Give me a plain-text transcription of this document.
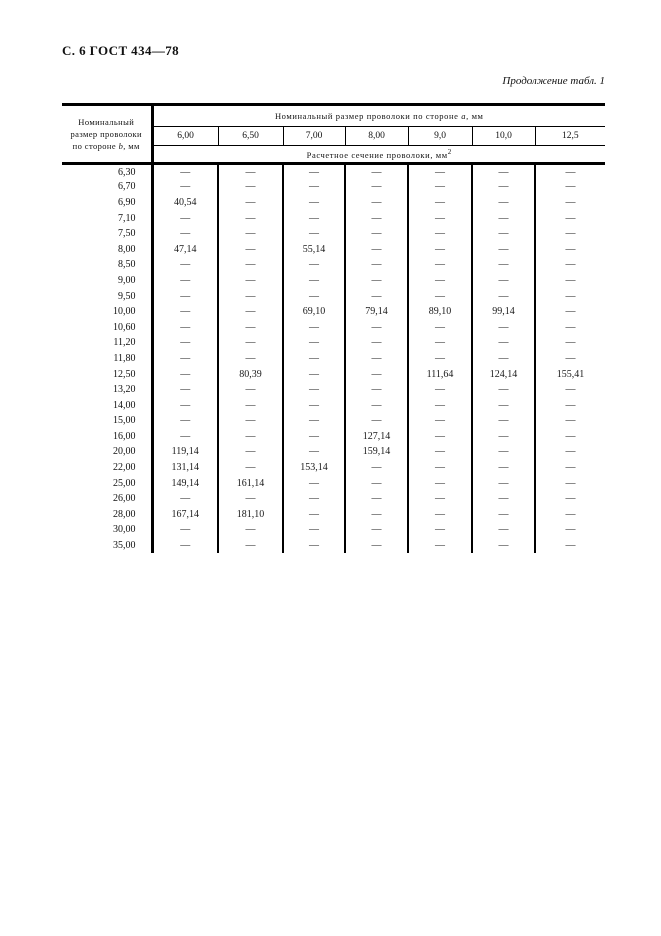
С. 6 ГОСТ 434—78
Продолжение табл. 1
Номинальный
размер проволоки
по стороне b, мм	Номинальный размер проволоки по стороне a, мм						
	6,00	6,50	7,00	8,00	9,0	10,0	12,5
	Расчетное сечение проволоки, $мм^2$
6,30	—	—	—	—	—	—	—
6,70	—	—	—	—	—	—	—
6,90	40,54	—	—	—	—	—	—
7,10	—	—	—	—	—	—	—
7,50	—	—	—	—	—	—	—
8,00	47,14	—	55,14	—	—	—	—
8,50	—	—	—	—	—	—	—
9,00	—	—	—	—	—	—	—
9,50	—	—	—	—	—	—	—
10,00	—	—	69,10	79,14	89,10	99,14	—
10,60	—	—	—	—	—	—	—
11,20	—	—	—	—	—	—	—
11,80	—	—	—	—	—	—	—
12,50	—	80,39	—	—	111,64	124,14	155,41
13,20	—	—	—	—	—	—	—
14,00	—	—	—	—	—	—	—
15,00	—	—	—	—	—	—	—
16,00	—	—	—	127,14	—	—	—
20,00	119,14	—	—	159,14	—	—	—
22,00	131,14	—	153,14	—	—	—	—
25,00	149,14	161,14	—	—	—	—	—
26,00	—	—	—	—	—	—	—
28,00	167,14	181,10	—	—	—	—	—
30,00	—	—	—	—	—	—	—
35,00	—	—	—	—	—	—	—
